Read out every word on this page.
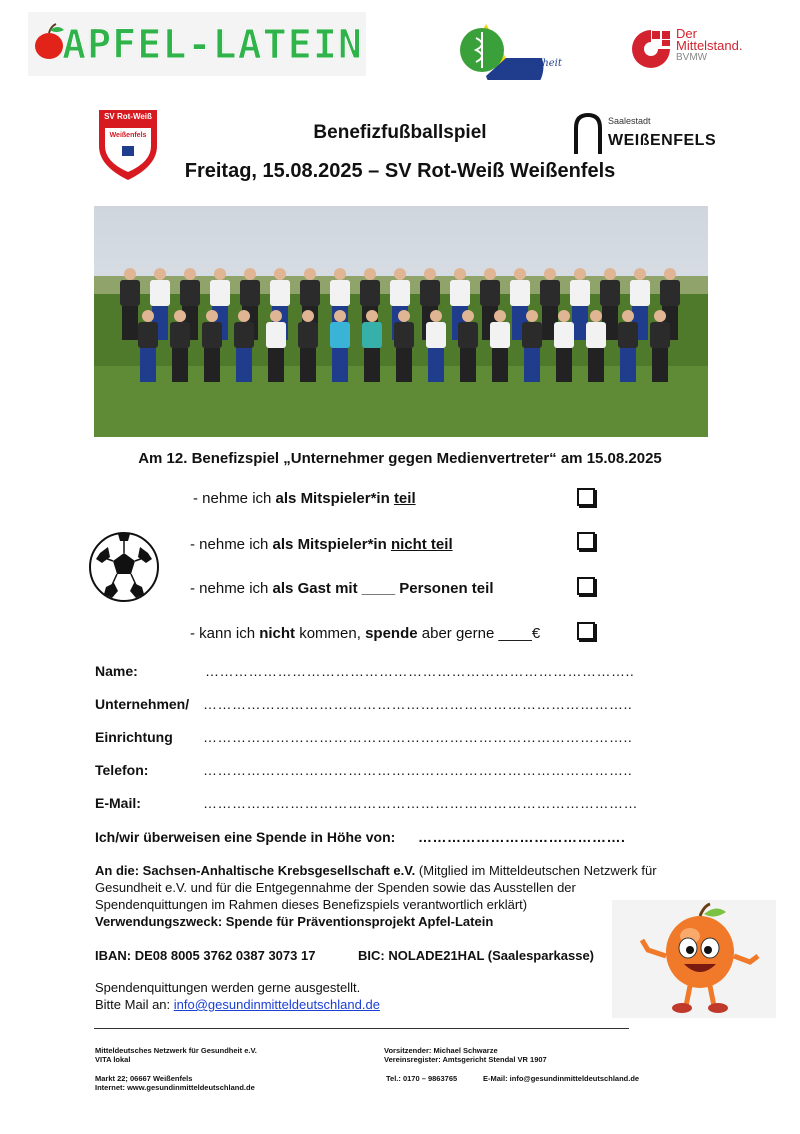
APFEL-LATEIN	Gesundheit
Der
Mittelstand.
BVMW
SV Rot-Weiß
Weißenfels
Saalestadt
WEIßENFELS
Benefizfußballspiel
Freitag, 15.08.2025 – SV Rot-Weiß Weißenfels
Am 12. Benefizspiel „Unternehmer gegen Medienvertreter“ am 15.08.2025
- nehme ich als Mitspieler*in teil
- nehme ich als Mitspieler*in nicht teil
- nehme ich als Gast mit ____ Personen teil
- kann ich nicht kommen, spende aber gerne ____€
Name:	……………………………………………………………………………..
Unternehmen/ ……………………………………………………………………………..
Einrichtung ……………………………………………………………………………..
Telefon:	……………………………………………………………………………..
E-Mail:	………………………………………………………………………………
Ich/wir überweisen eine Spende in Höhe von: …………………………………….
An die: Sachsen-Anhaltische Krebsgesellschaft e.V. (Mitglied im Mitteldeutschen Netzwerk für
Gesundheit e.V. und für die Entgegennahme der Spenden sowie das Ausstellen der
Spendenquittungen im Rahmen dieses Benefizspiels verantwortlich erklärt)
Verwendungszweck: Spende für Präventionsprojekt Apfel-Latein
IBAN: DE08 8005 3762 0387 3073 17	BIC: NOLADE21HAL (Saalesparkasse)
Spendenquittungen werden gerne ausgestellt.
Bitte Mail an: info@gesundinmitteldeutschland.de
Mitteldeutsches Netzwerk für Gesundheit e.V.
VITA lokal
Vorsitzender: Michael Schwarze
Vereinsregister: Amtsgericht Stendal VR 1907
Markt 22; 06667 Weißenfels
Internet: www.gesundinmitteldeutschland.de
Tel.: 0170 – 9863765	E-Mail: info@gesundinmitteldeutschland.de
